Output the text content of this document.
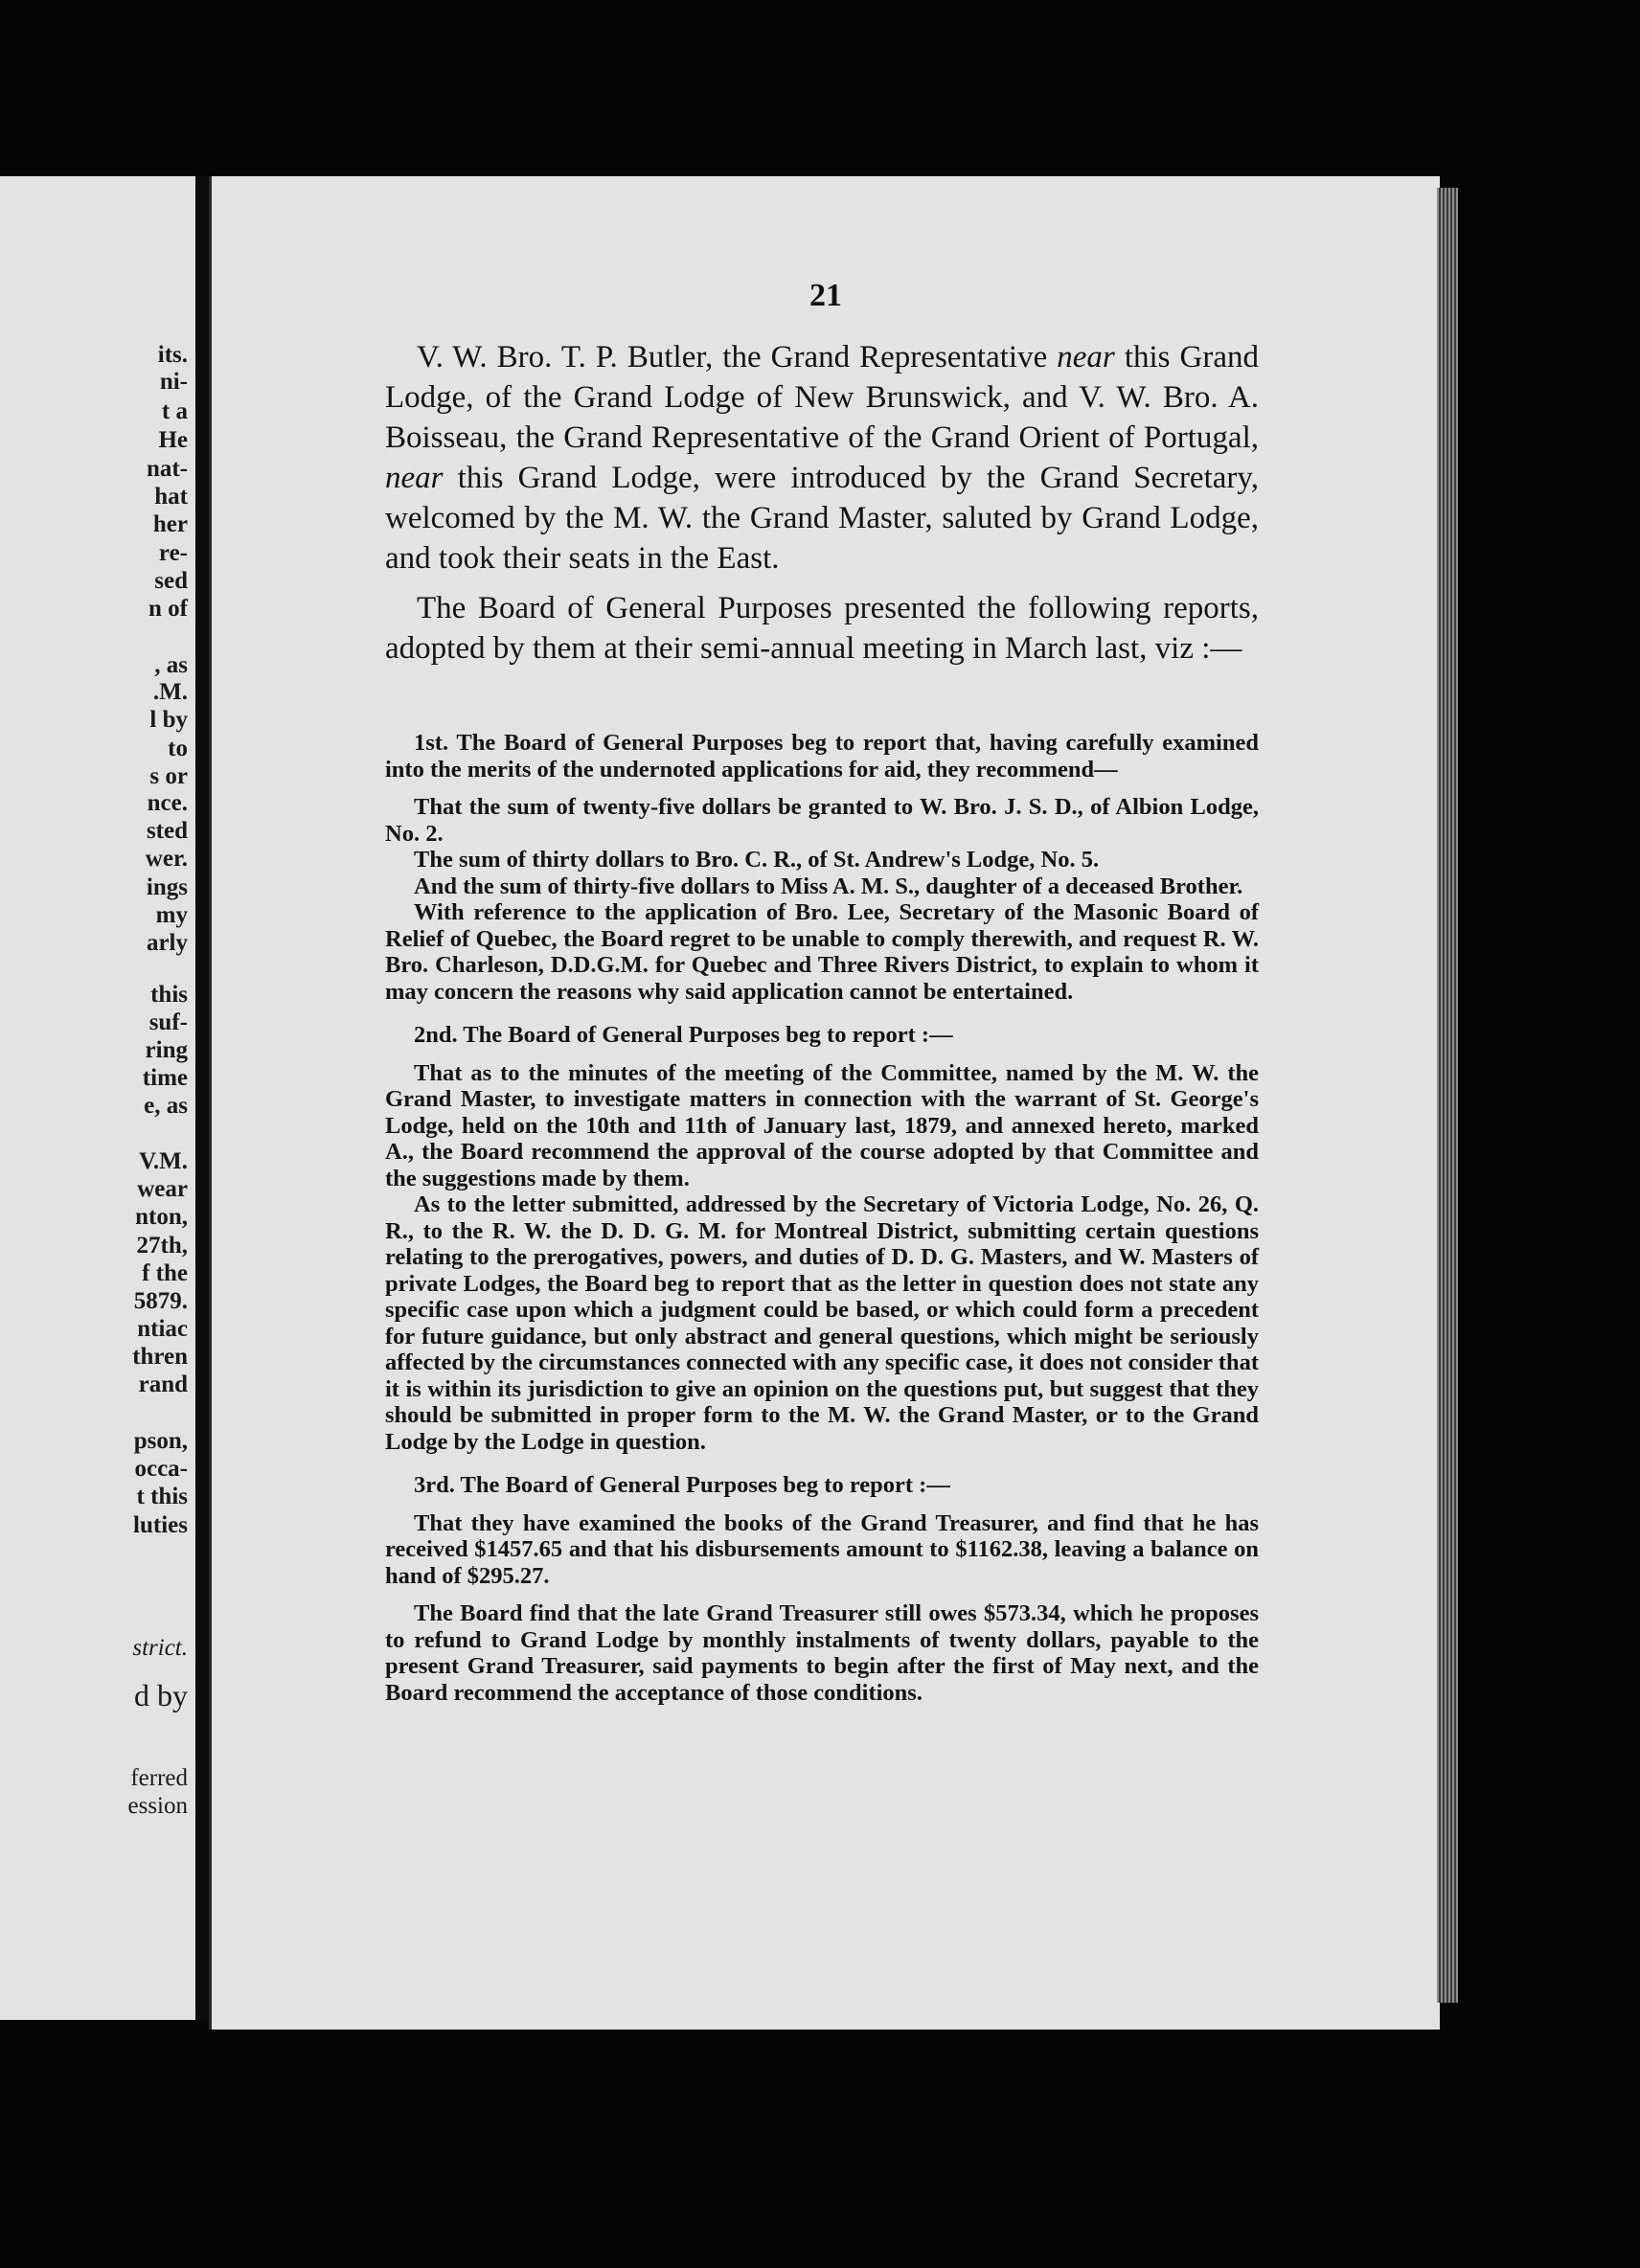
its.
ni-
t a
He
nat-
hat
her
re-
sed
n of
, as
.M.
l by
to
s or
nce.
sted
wer.
ings
my
arly
this
suf-
ring
time
e, as
V.M.
wear
nton,
27th,
f the
5879.
ntiac
thren
rand
pson,
occa-
t this
luties
strict.
d by
ferred
ession
21

V. W. Bro. T. P. Butler, the Grand Representative near this Grand Lodge, of the Grand Lodge of New Brunswick, and V. W. Bro. A. Boisseau, the Grand Representative of the Grand Orient of Portugal, near this Grand Lodge, were introduced by the Grand Secretary, welcomed by the M. W. the Grand Master, saluted by Grand Lodge, and took their seats in the East.

The Board of General Purposes presented the following reports, adopted by them at their semi-annual meeting in March last, viz :—

1st. The Board of General Purposes beg to report that, having carefully examined into the merits of the undernoted applications for aid, they recommend—

That the sum of twenty-five dollars be granted to W. Bro. J. S. D., of Albion Lodge, No. 2.

The sum of thirty dollars to Bro. C. R., of St. Andrew's Lodge, No. 5.

And the sum of thirty-five dollars to Miss A. M. S., daughter of a deceased Brother.

With reference to the application of Bro. Lee, Secretary of the Masonic Board of Relief of Quebec, the Board regret to be unable to comply therewith, and request R. W. Bro. Charleson, D.D.G.M. for Quebec and Three Rivers District, to explain to whom it may concern the reasons why said application cannot be entertained.

2nd. The Board of General Purposes beg to report :—

That as to the minutes of the meeting of the Committee, named by the M. W. the Grand Master, to investigate matters in connection with the warrant of St. George's Lodge, held on the 10th and 11th of January last, 1879, and annexed hereto, marked A., the Board recommend the approval of the course adopted by that Committee and the suggestions made by them.

As to the letter submitted, addressed by the Secretary of Victoria Lodge, No. 26, Q. R., to the R. W. the D. D. G. M. for Montreal District, submitting certain questions relating to the prerogatives, powers, and duties of D. D. G. Masters, and W. Masters of private Lodges, the Board beg to report that as the letter in question does not state any specific case upon which a judgment could be based, or which could form a precedent for future guidance, but only abstract and general questions, which might be seriously affected by the circumstances connected with any specific case, it does not consider that it is within its jurisdiction to give an opinion on the questions put, but suggest that they should be submitted in proper form to the M. W. the Grand Master, or to the Grand Lodge by the Lodge in question.

3rd. The Board of General Purposes beg to report :—

That they have examined the books of the Grand Treasurer, and find that he has received $1457.65 and that his disbursements amount to $1162.38, leaving a balance on hand of $295.27.

The Board find that the late Grand Treasurer still owes $573.34, which he proposes to refund to Grand Lodge by monthly instalments of twenty dollars, payable to the present Grand Treasurer, said payments to begin after the first of May next, and the Board recommend the acceptance of those conditions.
